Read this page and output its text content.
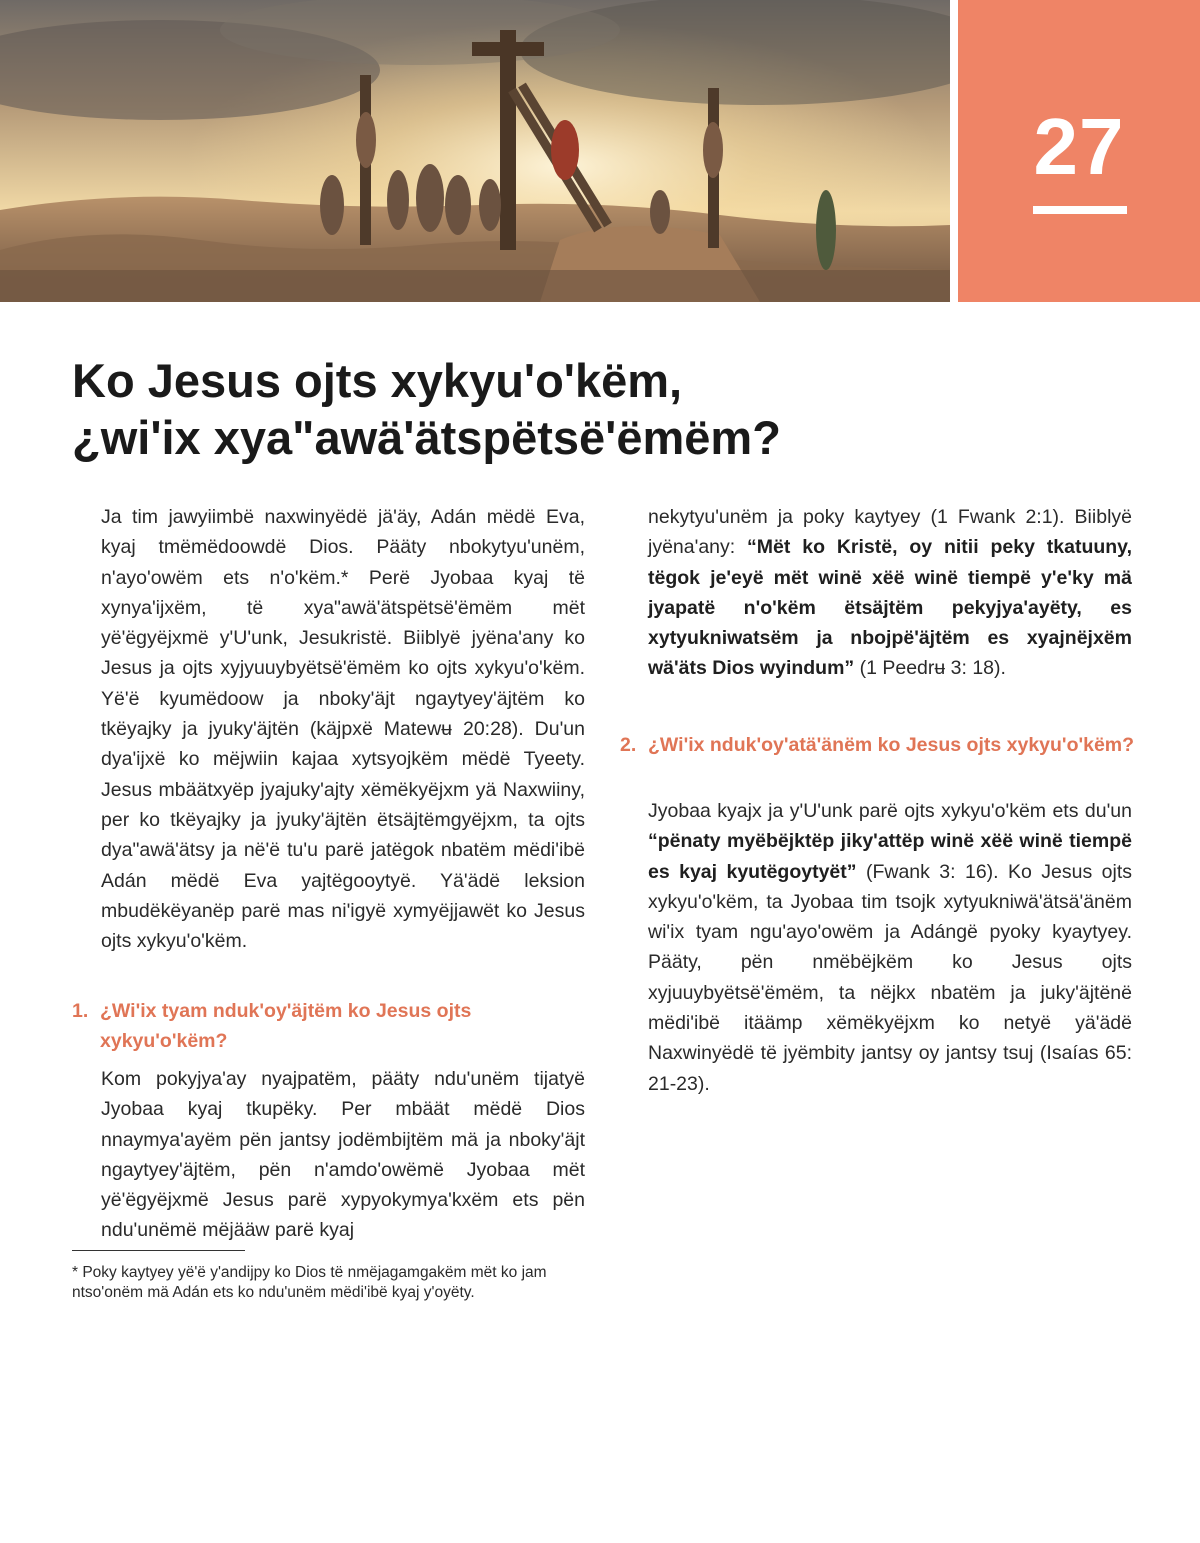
27
Ko Jesus ojts xykyu'o'këm,
¿wi'ix xya"awä'ätspëtsë'ëmëm?

Ja tim jawyiimbë naxwinyëdë jä'äy, Adán mëdë Eva, kyaj tmëmëdoowdë Dios. Pääty nbokytyu'unëm, n'ayo'owëm ets n'o'këm.* Perë Jyobaa kyaj të xynya'ijxëm, të xya"awä'ätspëtsë'ëmëm mët yë'ëgyëjxmë y'U'unk, Jesukristë. Biiblyë jyëna'any ko Jesus ja ojts xyjyuuybyëtsë'ëmëm ko ojts xykyu'o'këm. Yë'ë kyumëdoow ja nboky'äjt ngaytyey'äjtëm ko tkëyajky ja jyuky'äjtën (käjpxë Matewʉ 20:28). Du'un dya'ijxë ko mëjwiin kajaa xytsyojkëm mëdë Tyeety. Jesus mbäätxyëp jyajuky'ajty xëmëkyëjxm yä Naxwiiny, per ko tkëyajky ja jyuky'äjtën ëtsäjtëmgyëjxm, ta ojts dya"awä'ätsy ja në'ë tu'u parë jatëgok nbatëm mëdi'ibë Adán mëdë Eva yajtëgooytyë. Yä'ädë leksion mbudëkëyanëp parë mas ni'igyë xymyëjjawët ko Jesus ojts xykyu'o'këm.

1. ¿Wi'ix tyam nduk'oy'äjtëm ko Jesus ojts xykyu'o'këm?

Kom pokyjya'ay nyajpatëm, pääty ndu'unëm tijatyë Jyobaa kyaj tkupëky. Per mbäät mëdë Dios nnaymya'ayëm pën jantsy jodëmbijtëm mä ja nboky'äjt ngaytyey'äjtëm, pën n'amdo'owëmë Jyobaa mët yë'ëgyëjxmë Jesus parë xypyokymya'kxëm ets pën ndu'unëmë mëjääw parë kyaj

nekytyu'unëm ja poky kaytyey (1 Fwank 2:1). Biiblyë jyëna'any: “Mët ko Kristë, oy nitii peky tkatuuny, tëgok je'eyë mët winë xëë winë tiempë y'e'ky mä jyapatë n'o'këm ëtsäjtëm pekyjya'ayëty, es xytyukniwatsëm ja nbojpë'äjtëm es xyajnëjxëm wä'äts Dios wyindum” (1 Peedrʉ 3: 18).

2. ¿Wi'ix nduk'oy'atä'änëm ko Jesus ojts xykyu'o'këm?

Jyobaa kyajx ja y'U'unk parë ojts xykyu'o'këm ets du'un “pënaty myëbëjktëp jiky'attëp winë xëë winë tiempë es kyaj kyutëgoytyët” (Fwank 3: 16). Ko Jesus ojts xykyu'o'këm, ta Jyobaa tim tsojk xytyukniwä'ätsä'änëm wi'ix tyam ngu'ayo'owëm ja Adángë pyoky kyaytyey. Pääty, pën nmëbëjkëm ko Jesus ojts xyjuuybyëtsë'ëmëm, ta nëjkx nbatëm ja juky'äjtënë mëdi'ibë itäämp xëmëkyëjxm ko netyë yä'ädë Naxwinyëdë të jyëmbity jantsy oy jantsy tsuj (Isaías 65: 21-23).

* Poky kaytyey yë'ë y'andijpy ko Dios të nmëjagamgakëm mët ko jam ntso'onëm mä Adán ets ko ndu'unëm mëdi'ibë kyaj y'oyëty.
